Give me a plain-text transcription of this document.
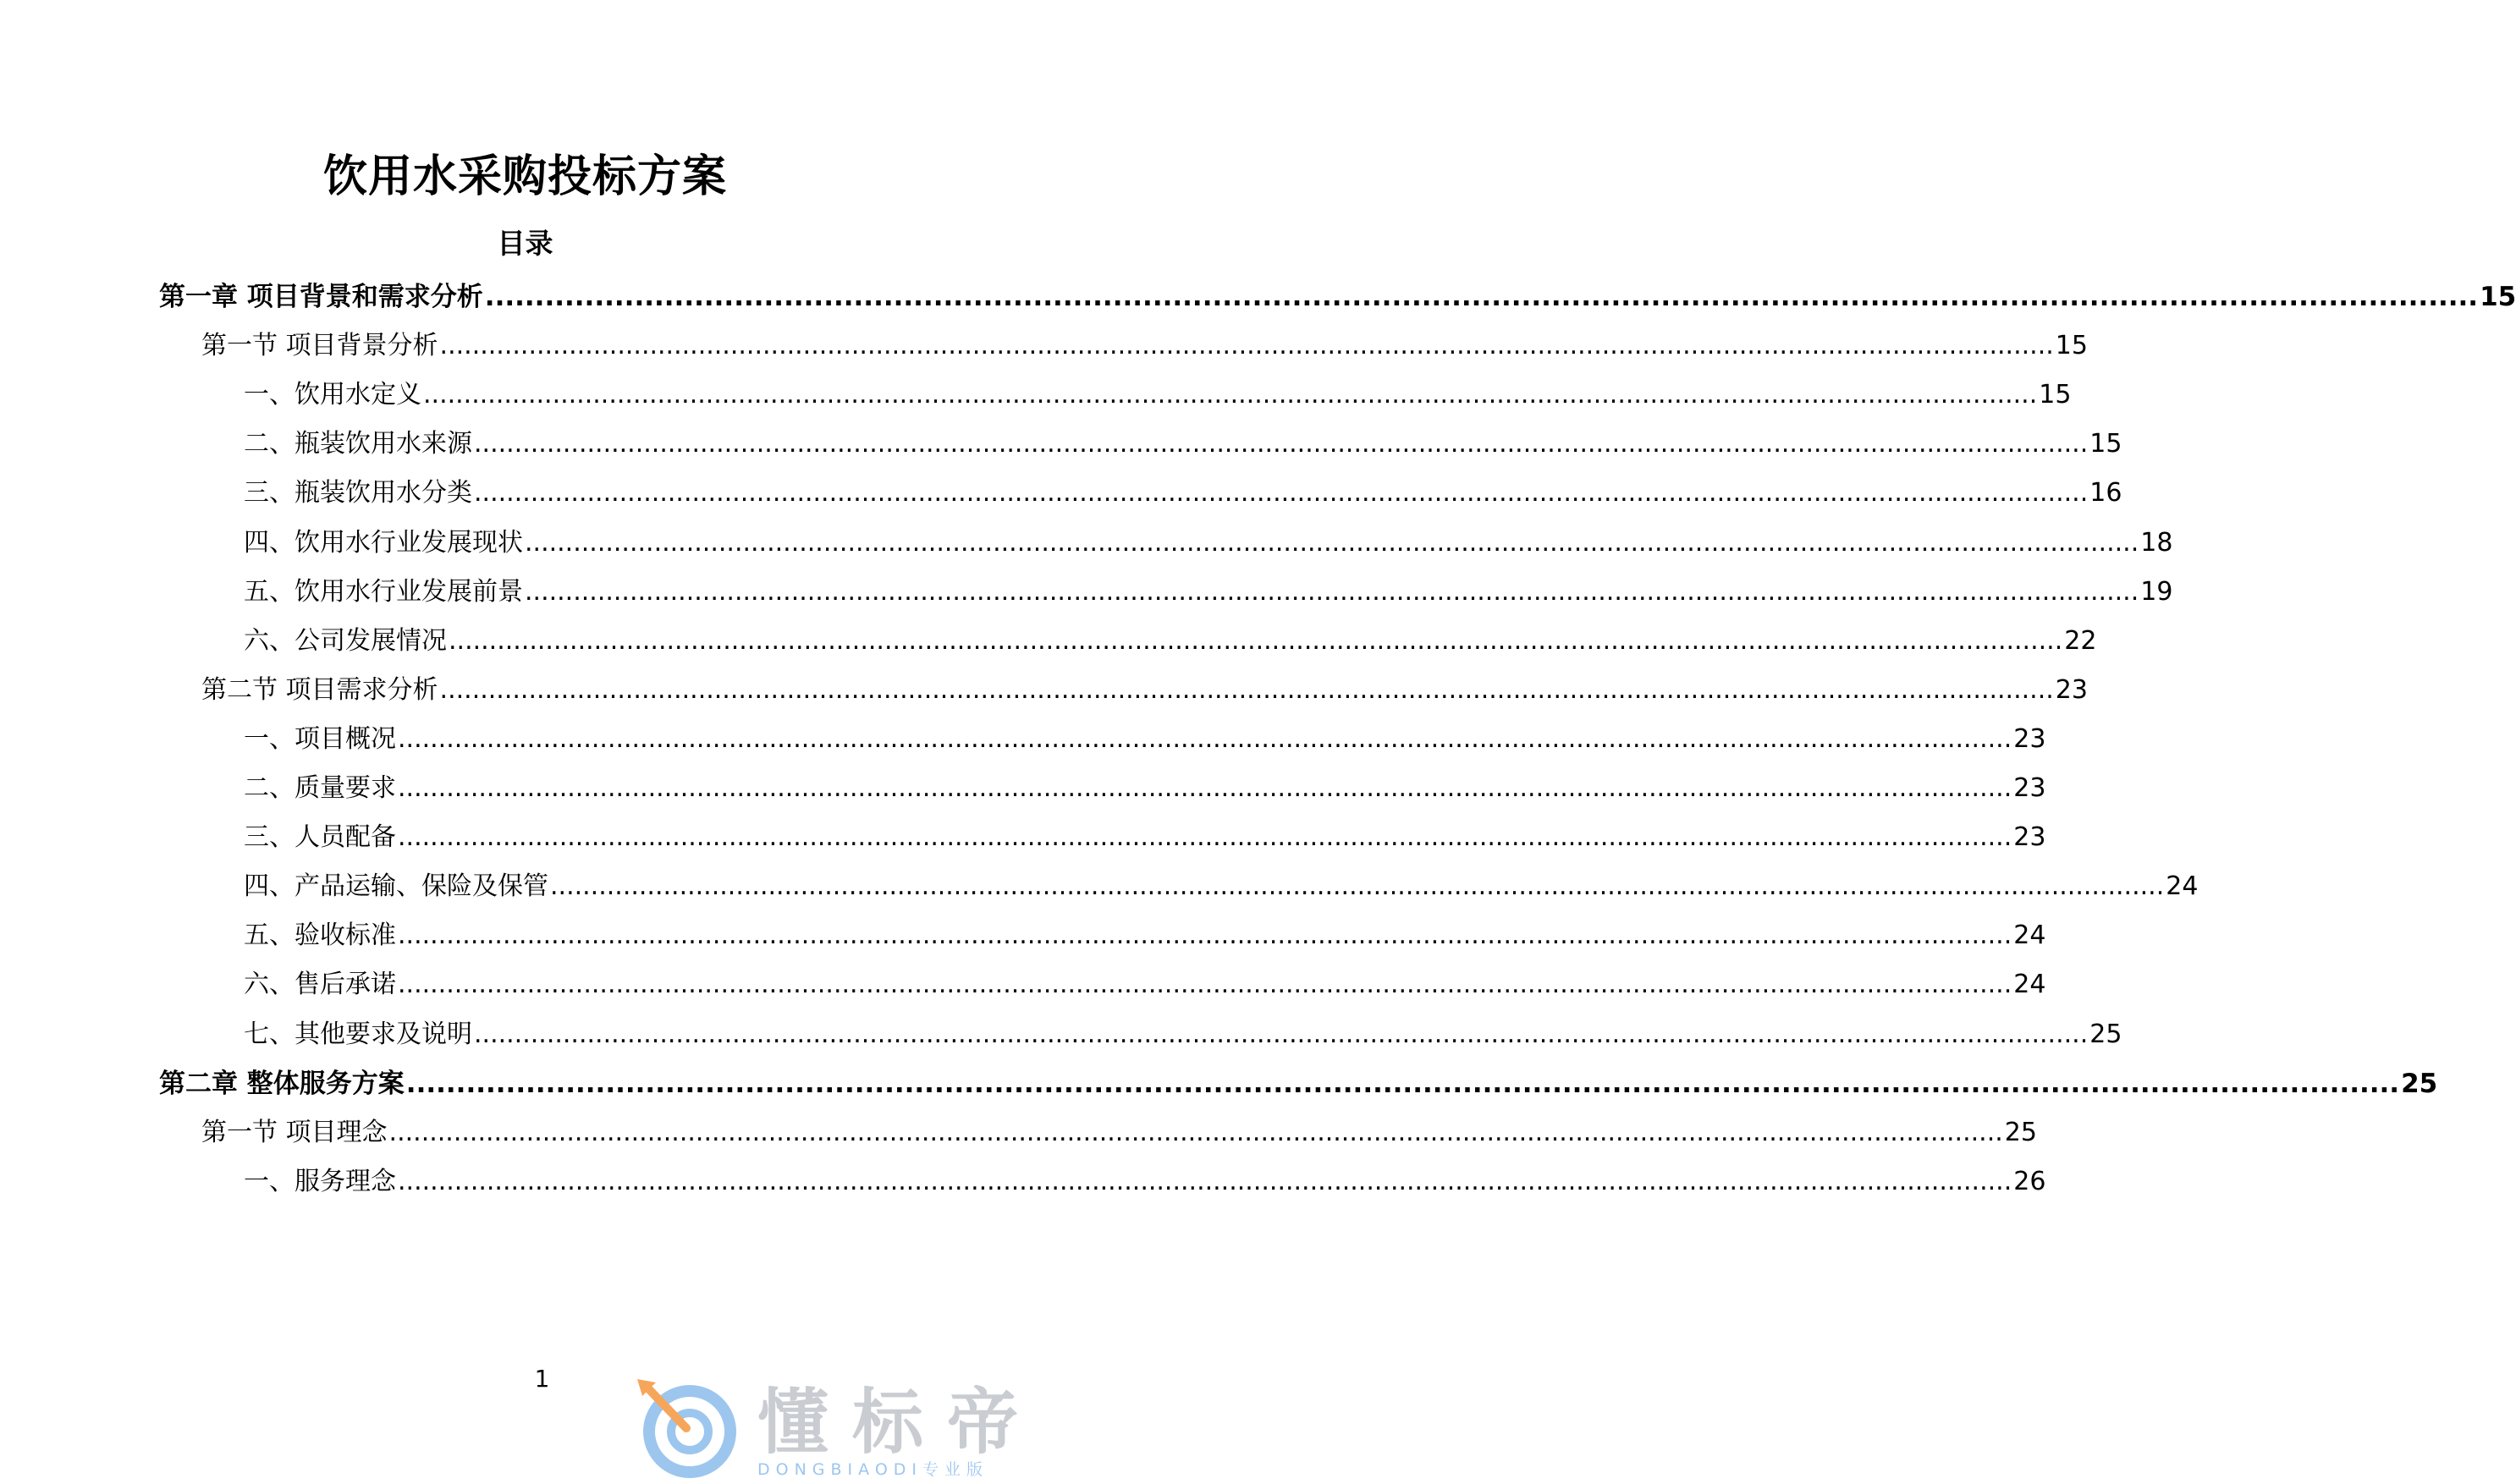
饮用水采购投标方案
目录
第一章 项目背景和需求分析 ........................................................................................................................................................................................................ 15
第一节 项目背景分析 ........................................................................................................................................................................................................ 15
一、饮用水定义 ........................................................................................................................................................................................................ 15
二、瓶装饮用水来源 ........................................................................................................................................................................................................ 15
三、瓶装饮用水分类 ........................................................................................................................................................................................................ 16
四、饮用水行业发展现状 ........................................................................................................................................................................................................ 18
五、饮用水行业发展前景 ........................................................................................................................................................................................................ 19
六、公司发展情况 ........................................................................................................................................................................................................ 22
第二节 项目需求分析 ........................................................................................................................................................................................................ 23
一、项目概况 ........................................................................................................................................................................................................ 23
二、质量要求 ........................................................................................................................................................................................................ 23
三、人员配备 ........................................................................................................................................................................................................ 23
四、产品运输、保险及保管 ........................................................................................................................................................................................................ 24
五、验收标准 ........................................................................................................................................................................................................ 24
六、售后承诺 ........................................................................................................................................................................................................ 24
七、其他要求及说明 ........................................................................................................................................................................................................ 25
第二章 整体服务方案 ........................................................................................................................................................................................................ 25
第一节 项目理念 ........................................................................................................................................................................................................ 25
一、服务理念 ........................................................................................................................................................................................................ 26
1
懂标帝
DONGBIAODI专业版
